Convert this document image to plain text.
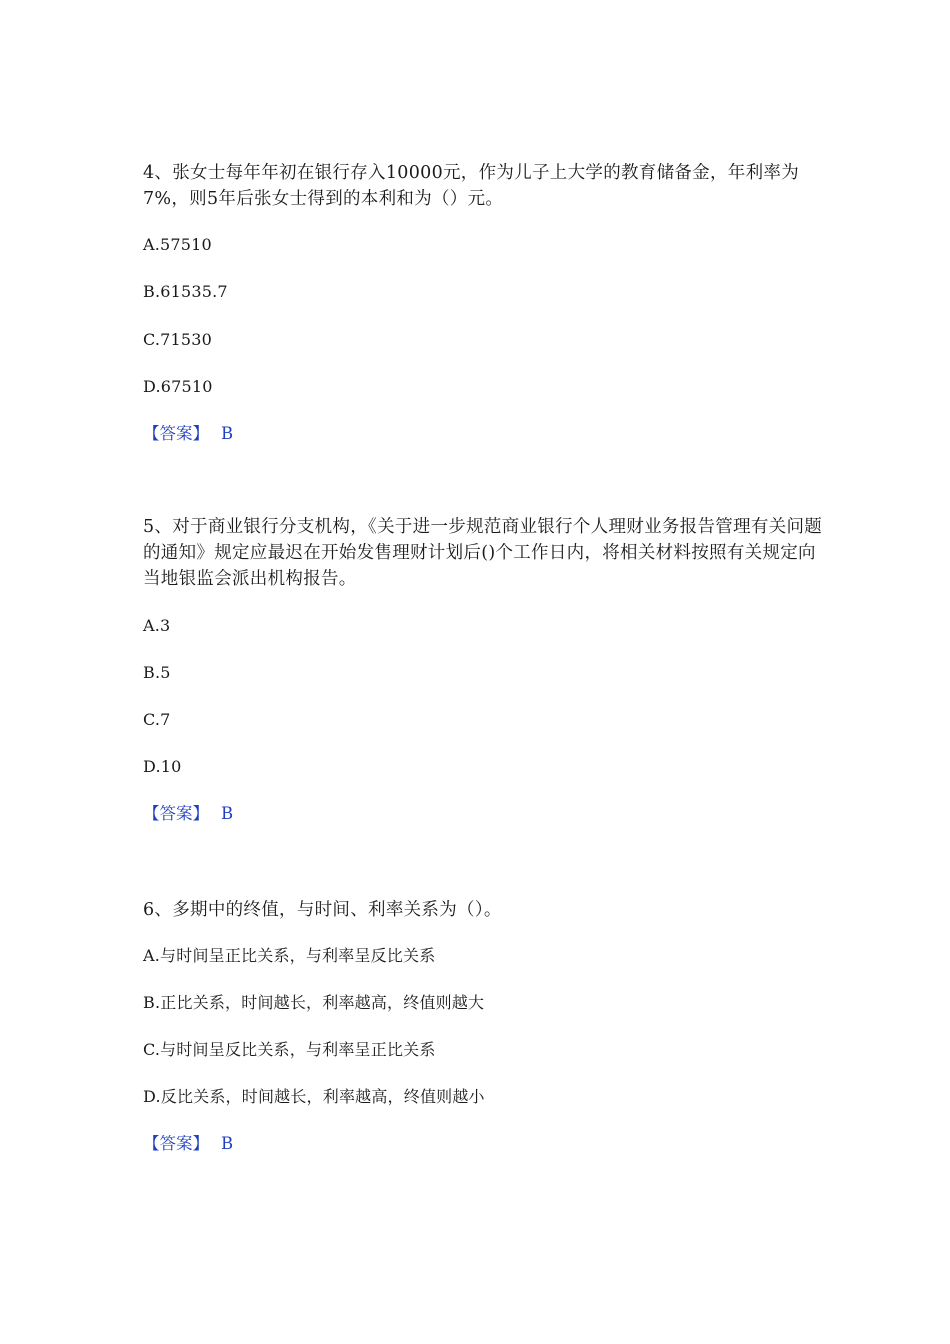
4、张女士每年年初在银行存入10000元，作为儿子上大学的教育储备金，年利率为7%，则5年后张女士得到的本利和为（）元。

A.57510
B.61535.7
C.71530
D.67510
【答案】 B

5、对于商业银行分支机构，《关于进一步规范商业银行个人理财业务报告管理有关问题的通知》规定应最迟在开始发售理财计划后()个工作日内，将相关材料按照有关规定向当地银监会派出机构报告。

A.3
B.5
C.7
D.10
【答案】 B

6、多期中的终值，与时间、利率关系为（）。

A.与时间呈正比关系，与利率呈反比关系
B.正比关系，时间越长，利率越高，终值则越大
C.与时间呈反比关系，与利率呈正比关系
D.反比关系，时间越长，利率越高，终值则越小
【答案】 B
